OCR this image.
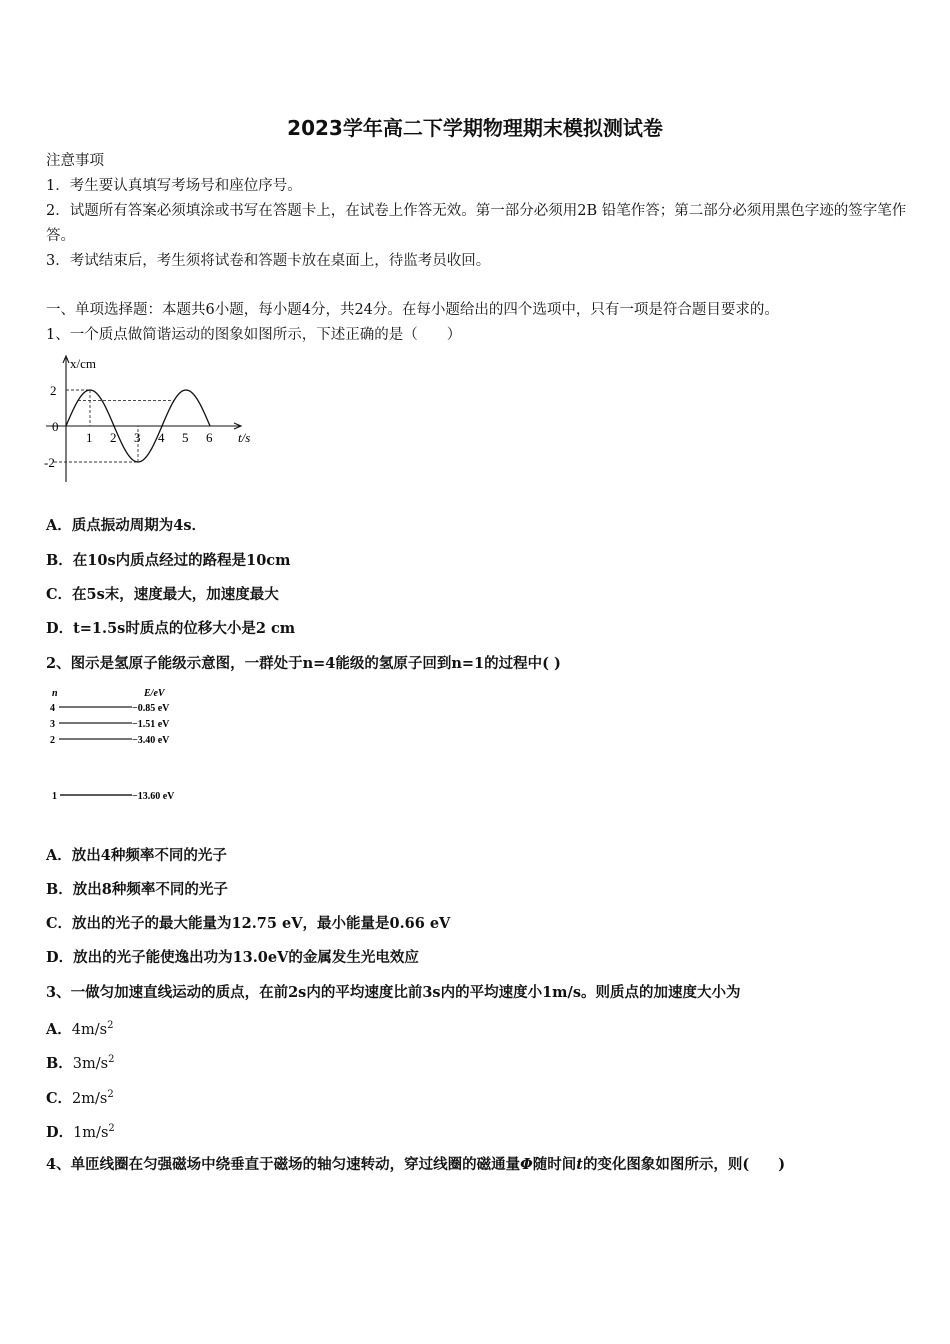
2023学年高二下学期物理期末模拟测试卷
注意事项
1．考生要认真填写考场号和座位序号。
2．试题所有答案必须填涂或书写在答题卡上，在试卷上作答无效。第一部分必须用2B 铅笔作答；第二部分必须用黑色字迹的签字笔作答。
3．考试结束后，考生须将试卷和答题卡放在桌面上，待监考员收回。
一、单项选择题：本题共6小题，每小题4分，共24分。在每小题给出的四个选项中，只有一项是符合题目要求的。
1、一个质点做简谐运动的图象如图所示，下述正确的是（　　）
x/cm
t/s
2
0
-2
1 2 3 4 5 6
A．质点振动周期为4s．
B．在10s内质点经过的路程是10cm
C．在5s末，速度最大，加速度最大
D．t=1.5s时质点的位移大小是2 cm
2、图示是氢原子能级示意图，一群处于n=4能级的氢原子回到n=1的过程中( )
n	E/eV
4	−0.85 eV
3	−1.51 eV
2	−3.40 eV
1	−13.60 eV
A．放出4种频率不同的光子
B．放出8种频率不同的光子
C．放出的光子的最大能量为12.75 eV，最小能量是0.66 eV
D．放出的光子能使逸出功为13.0eV的金属发生光电效应
3、一做匀加速直线运动的质点，在前2s内的平均速度比前3s内的平均速度小1m/s。则质点的加速度大小为
A．$4m/s^2$
B．$3m/s^2$
C．$2m/s^2$
D．$1m/s^2$
4、单匝线圈在匀强磁场中绕垂直于磁场的轴匀速转动，穿过线圈的磁通量Φ随时间t的变化图象如图所示，则(　　)
